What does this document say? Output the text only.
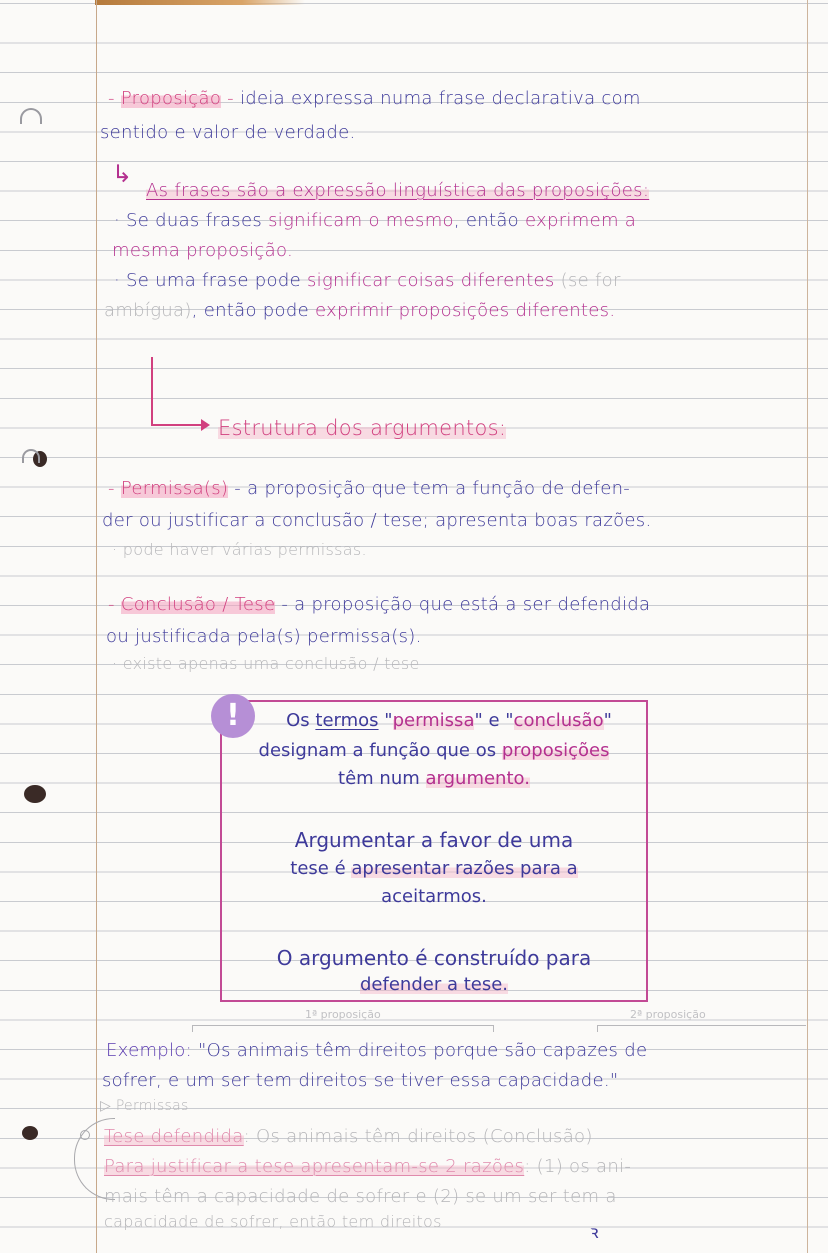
- Proposição - ideia expressa numa frase declarativa com
sentido e valor de verdade.
↳
As frases são a expressão linguística das proposições:
· Se duas frases significam o mesmo, então exprimem a
mesma proposição.
· Se uma frase pode significar coisas diferentes (se for
ambígua), então pode exprimir proposições diferentes.
Estrutura dos argumentos:
- Permissa(s) - a proposição que tem a função de defen-
der ou justificar a conclusão / tese; apresenta boas razões.
· pode haver várias permissas.
- Conclusão / Tese - a proposição que está a ser defendida
ou justificada pela(s) permissa(s).
· existe apenas uma conclusão / tese
!	Os termos "permissa" e "conclusão"
designam a função que os proposições
têm num argumento.
Argumentar a favor de uma
tese é apresentar razões para a
aceitarmos.
O argumento é construído para
defender a tese.
1ª proposição	2ª proposição
Exemplo: "Os animais têm direitos porque são capazes de
sofrer, e um ser tem direitos se tiver essa capacidade."
▷ Permissas
Tese defendida: Os animais têm direitos (Conclusão)
Para justificar a tese apresentam-se 2 razões: (1) os ani-
mais têm a capacidade de sofrer e (2) se um ser tem a
capacidade de sofrer, então tem direitos
ꝛ
